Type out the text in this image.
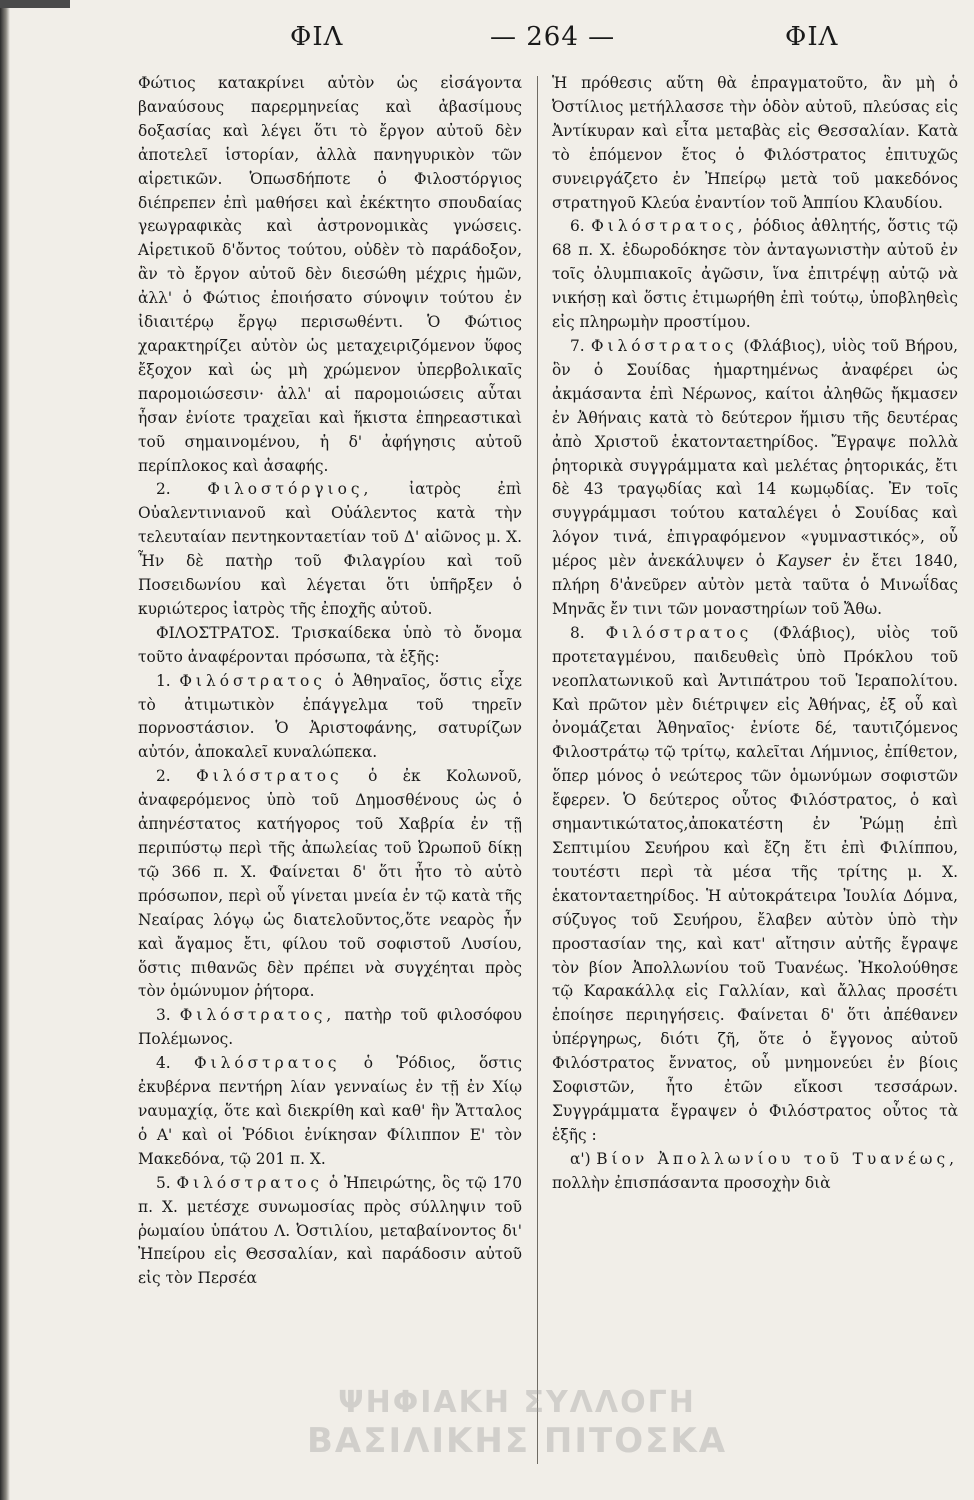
ΦΙΛ	— 264 —	ΦΙΛ

Φώτιος κατακρίνει αὐτὸν ὡς εἰσάγοντα βαναύσους παρερμηνείας καὶ ἀβασίμους δοξασίας καὶ λέγει ὅτι τὸ ἔργον αὐτοῦ δὲν ἀποτελεῖ ἱστορίαν, ἀλλὰ πανηγυρικὸν τῶν αἱρετικῶν. Ὁπωσδήποτε ὁ Φιλοστόργιος διέπρεπεν ἐπὶ μαθήσει καὶ ἐκέκτητο σπουδαίας γεωγραφικὰς καὶ ἀστρονομικὰς γνώσεις. Αἱρετικοῦ δ'ὄντος τούτου, οὐδὲν τὸ παράδοξον, ἂν τὸ ἔργον αὐτοῦ δὲν διεσώθη μέχρις ἡμῶν, ἀλλ' ὁ Φώτιος ἐποιήσατο σύνοψιν τούτου ἐν ἰδιαιτέρῳ ἔργῳ περισωθέντι. Ὁ Φώτιος χαρακτηρίζει αὐτὸν ὡς μεταχειριζόμενον ὕφος ἔξοχον καὶ ὡς μὴ χρώμενον ὑπερβολικαῖς παρομοιώσεσιν· ἀλλ' αἱ παρομοιώσεις αὗται ἦσαν ἐνίοτε τραχεῖαι καὶ ἥκιστα ἐπηρεαστικαὶ τοῦ σημαινομένου, ἡ δ' ἀφήγησις αὐτοῦ περίπλοκος καὶ ἀσαφής.

2. Φιλοστόργιος, ἰατρὸς ἐπὶ Οὐαλεντινιανοῦ καὶ Οὐάλεντος κατὰ τὴν τελευταίαν πεντηκονταετίαν τοῦ Δ' αἰῶνος μ. Χ. Ἦν δὲ πατὴρ τοῦ Φιλαγρίου καὶ τοῦ Ποσειδωνίου καὶ λέγεται ὅτι ὑπῆρξεν ὁ κυριώτερος ἰατρὸς τῆς ἐποχῆς αὐτοῦ.

ΦΙΛΟΣΤΡΑΤΟΣ. Τρισκαίδεκα ὑπὸ τὸ ὄνομα τοῦτο ἀναφέρονται πρόσωπα, τὰ ἑξῆς:

1. Φιλόστρατος ὁ Ἀθηναῖος, ὅστις εἶχε τὸ ἀτιμωτικὸν ἐπάγγελμα τοῦ τηρεῖν πορνοστάσιον. Ὁ Ἀριστοφάνης, σατυρίζων αὐτόν, ἀποκαλεῖ κυναλώπεκα.

2. Φιλόστρατος ὁ ἐκ Κολωνοῦ, ἀναφερόμενος ὑπὸ τοῦ Δημοσθένους ὡς ὁ ἀπηνέστατος κατήγορος τοῦ Χαβρία ἐν τῇ περιπύστῳ περὶ τῆς ἀπωλείας τοῦ Ὠρωποῦ δίκῃ τῷ 366 π. Χ. Φαίνεται δ' ὅτι ἦτο τὸ αὐτὸ πρόσωπον, περὶ οὗ γίνεται μνεία ἐν τῷ κατὰ τῆς Νεαίρας λόγῳ ὡς διατελοῦντος,ὅτε νεαρὸς ἦν καὶ ἄγαμος ἔτι, φίλου τοῦ σοφιστοῦ Λυσίου, ὅστις πιθανῶς δὲν πρέπει νὰ συγχέηται πρὸς τὸν ὁμώνυμον ῥήτορα.

3. Φιλόστρατος, πατὴρ τοῦ φιλοσόφου Πολέμωνος.

4. Φιλόστρατος ὁ Ῥόδιος, ὅστις ἐκυβέρνα πεντήρη λίαν γενναίως ἐν τῇ ἐν Χίῳ ναυμαχίᾳ, ὅτε καὶ διεκρίθη καὶ καθ' ἣν Ἄτταλος ὁ Α' καὶ οἱ Ῥόδιοι ἐνίκησαν Φίλιππον Ε' τὸν Μακεδόνα, τῷ 201 π. Χ.

5. Φιλόστρατος ὁ Ἠπειρώτης, ὃς τῷ 170 π. Χ. μετέσχε συνωμοσίας πρὸς σύλληψιν τοῦ ῥωμαίου ὑπάτου Λ. Ὀστιλίου, μεταβαίνοντος δι' Ἠπείρου εἰς Θεσσαλίαν, καὶ παράδοσιν αὐτοῦ εἰς τὸν Περσέα

Ἡ πρόθεσις αὕτη θὰ ἐπραγματοῦτο, ἂν μὴ ὁ Ὀστίλιος μετήλλασσε τὴν ὁδὸν αὐτοῦ, πλεύσας εἰς Ἀντίκυραν καὶ εἶτα μεταβὰς εἰς Θεσσαλίαν. Κατὰ τὸ ἑπόμενον ἔτος ὁ Φιλόστρατος ἐπιτυχῶς συνειργάζετο ἐν Ἠπείρῳ μετὰ τοῦ μακεδόνος στρατηγοῦ Κλεύα ἐναντίον τοῦ Ἀππίου Κλαυδίου.

6. Φιλόστρατος, ῥόδιος ἀθλητής, ὅστις τῷ 68 π. Χ. ἐδωροδόκησε τὸν ἀνταγωνιστὴν αὐτοῦ ἐν τοῖς ὀλυμπιακοῖς ἀγῶσιν, ἵνα ἐπιτρέψῃ αὐτῷ νὰ νικήσῃ καὶ ὅστις ἐτιμωρήθη ἐπὶ τούτῳ, ὑποβληθεὶς εἰς πληρωμὴν προστίμου.

7. Φιλόστρατος (Φλάβιος), υἱὸς τοῦ Βήρου, ὃν ὁ Σουίδας ἡμαρτημένως ἀναφέρει ὡς ἀκμάσαντα ἐπὶ Νέρωνος, καίτοι ἀληθῶς ἤκμασεν ἐν Ἀθήναις κατὰ τὸ δεύτερον ἥμισυ τῆς δευτέρας ἀπὸ Χριστοῦ ἑκατονταετηρίδος. Ἔγραψε πολλὰ ῥητορικὰ συγγράμματα καὶ μελέτας ῥητορικάς, ἔτι δὲ 43 τραγῳδίας καὶ 14 κωμῳδίας. Ἐν τοῖς συγγράμμασι τούτου καταλέγει ὁ Σουίδας καὶ λόγον τινά, ἐπιγραφόμενον «γυμναστικός», οὗ μέρος μὲν ἀνεκάλυψεν ὁ Kayser ἐν ἔτει 1840, πλήρη δ'ἀνεῦρεν αὐτὸν μετὰ ταῦτα ὁ Μινωΐδας Μηνᾶς ἔν τινι τῶν μοναστηρίων τοῦ Ἄθω.

8. Φιλόστρατος (Φλάβιος), υἱὸς τοῦ προτεταγμένου, παιδευθεὶς ὑπὸ Πρόκλου τοῦ νεοπλατωνικοῦ καὶ Ἀντιπάτρου τοῦ Ἱεραπολίτου. Καὶ πρῶτον μὲν διέτριψεν εἰς Ἀθήνας, ἐξ οὗ καὶ ὀνομάζεται Ἀθηναῖος· ἐνίοτε δέ, ταυτιζόμενος Φιλοστράτῳ τῷ τρίτῳ, καλεῖται Λήμνιος, ἐπίθετον, ὅπερ μόνος ὁ νεώτερος τῶν ὁμωνύμων σοφιστῶν ἔφερεν. Ὁ δεύτερος οὗτος Φιλόστρατος, ὁ καὶ σημαντικώτατος,ἀποκατέστη ἐν Ῥώμῃ ἐπὶ Σεπτιμίου Σευήρου καὶ ἔζη ἔτι ἐπὶ Φιλίππου, τουτέστι περὶ τὰ μέσα τῆς τρίτης μ. Χ. ἑκατονταετηρίδος. Ἡ αὐτοκράτειρα Ἰουλία Δόμνα, σύζυγος τοῦ Σευήρου, ἔλαβεν αὐτὸν ὑπὸ τὴν προστασίαν της, καὶ κατ' αἴτησιν αὐτῆς ἔγραψε τὸν βίον Ἀπολλωνίου τοῦ Τυανέως. Ἠκολούθησε τῷ Καρακάλλᾳ εἰς Γαλλίαν, καὶ ἄλλας προσέτι ἐποίησε περιηγήσεις. Φαίνεται δ' ὅτι ἀπέθανεν ὑπέργηρως, διότι ζῆ, ὅτε ὁ ἔγγονος αὐτοῦ Φιλόστρατος ἔννατος, οὗ μνημονεύει ἐν βίοις Σοφιστῶν, ἦτο ἐτῶν εἴκοσι τεσσάρων. Συγγράμματα ἔγραψεν ὁ Φιλόστρατος οὗτος τὰ ἑξῆς :

α') Βίον Ἀπολλωνίου τοῦ Τυανέως, πολλὴν ἐπισπάσαντα προσοχὴν διὰ

ΨΗΦΙΑΚΗ ΣΥΛΛΟΓΗ
ΒΑΣΙΛΙΚΗΣ ΠΙΤΟΣΚΑ
